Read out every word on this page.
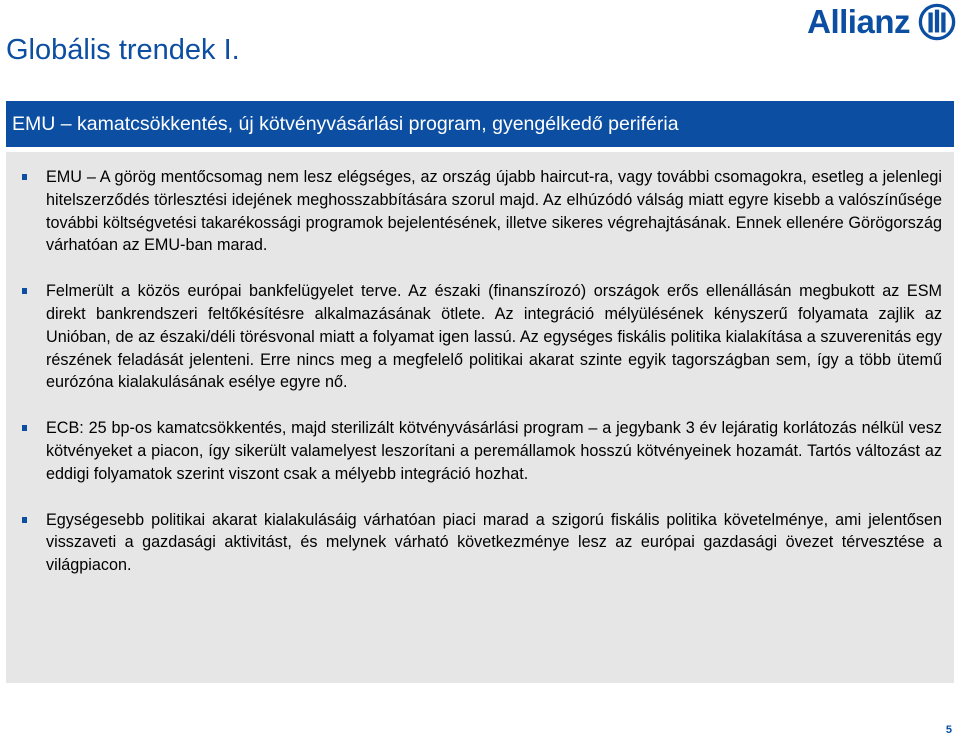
Globális trendek I.
Allianz
EMU – kamatcsökkentés, új kötvényvásárlási program, gyengélkedő periféria
EMU – A görög mentőcsomag nem lesz elégséges, az ország újabb haircut-ra, vagy további csomagokra, esetleg a jelenlegi hitelszerződés törlesztési idejének meghosszabbítására szorul majd. Az elhúzódó válság miatt egyre kisebb a valószínűsége további költségvetési takarékossági programok bejelentésének, illetve sikeres végrehajtásának. Ennek ellenére Görögország várhatóan az EMU-ban marad.
Felmerült a közös európai bankfelügyelet terve. Az északi (finanszírozó) országok erős ellenállásán megbukott az ESM direkt bankrendszeri feltőkésítésre alkalmazásának ötlete. Az integráció mélyülésének kényszerű folyamata zajlik az Unióban, de az északi/déli törésvonal miatt a folyamat igen lassú. Az egységes fiskális politika kialakítása a szuverenitás egy részének feladását jelenteni. Erre nincs meg a megfelelő politikai akarat szinte egyik tagországban sem, így a több ütemű eurózóna kialakulásának esélye egyre nő.
ECB: 25 bp-os kamatcsökkentés, majd sterilizált kötvényvásárlási program – a jegybank 3 év lejáratig korlátozás nélkül vesz kötvényeket a piacon, így sikerült valamelyest leszorítani a peremállamok hosszú kötvényeinek hozamát. Tartós változást az eddigi folyamatok szerint viszont csak a mélyebb integráció hozhat.
Egységesebb politikai akarat kialakulásáig várhatóan piaci marad a szigorú fiskális politika követelménye, ami jelentősen visszaveti a gazdasági aktivitást, és melynek várható következménye lesz az európai gazdasági övezet térvesztése a világpiacon.
5
